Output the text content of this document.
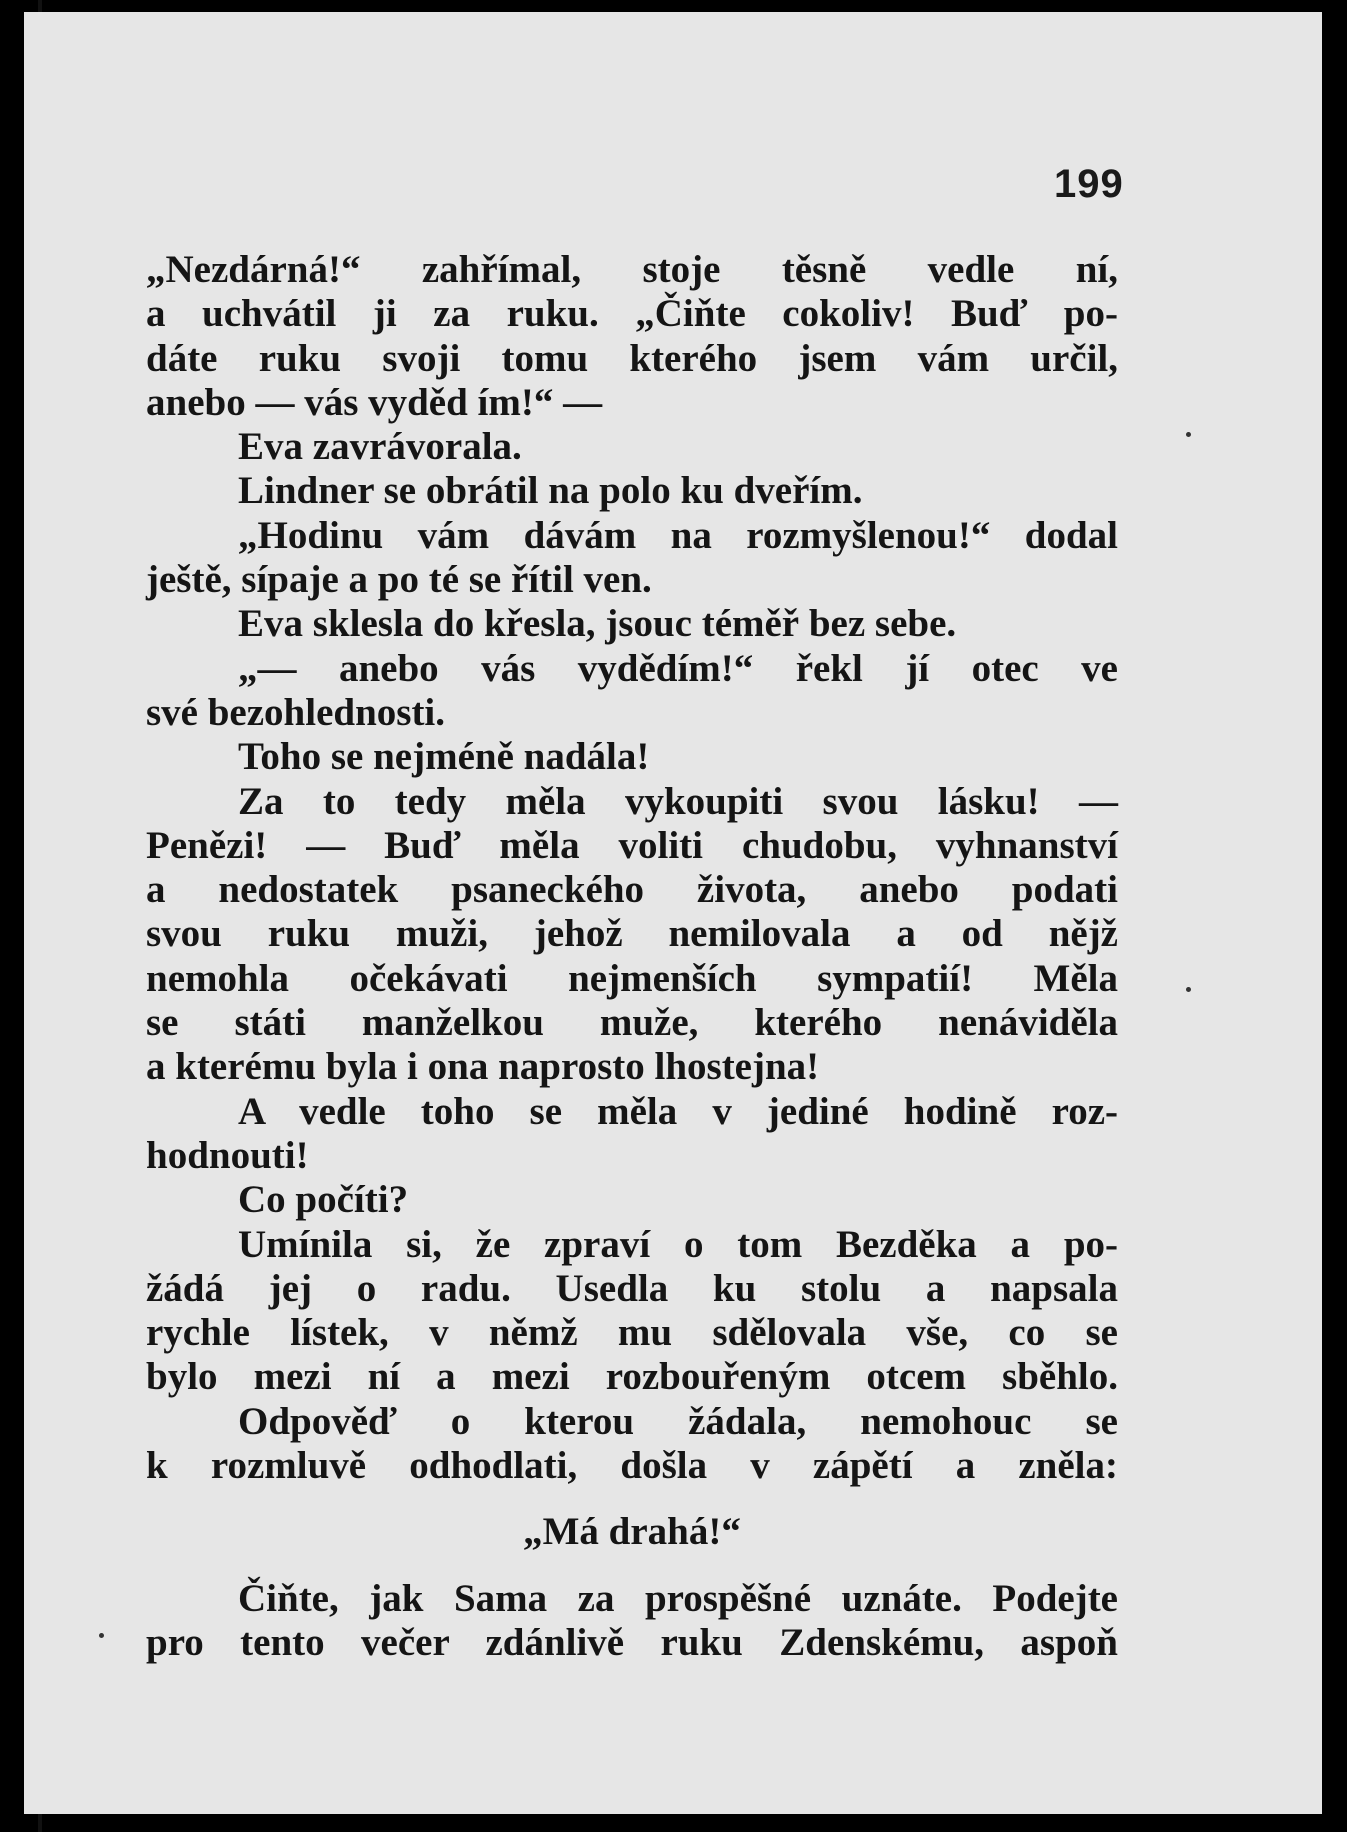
199
„Nezdárná!“ zahřímal, stoje těsně vedle ní,
a uchvátil ji za ruku. „Čiňte cokoliv! Buď po-
dáte ruku svoji tomu kterého jsem vám určil,
anebo — vás vyděd ím!“ —
Eva zavrávorala.
Lindner se obrátil na polo ku dveřím.
„Hodinu vám dávám na rozmyšlenou!“ dodal
ještě, sípaje a po té se řítil ven.
Eva sklesla do křesla, jsouc téměř bez sebe.
„— anebo vás vydědím!“ řekl jí otec ve
své bezohlednosti.
Toho se nejméně nadála!
Za to tedy měla vykoupiti svou lásku! —
Penězi! — Buď měla voliti chudobu, vyhnanství
a nedostatek psaneckého života, anebo podati
svou ruku muži, jehož nemilovala a od nějž
nemohla očekávati nejmenších sympatií! Měla
se státi manželkou muže, kterého nenáviděla
a kterému byla i ona naprosto lhostejna!
A vedle toho se měla v jediné hodině roz-
hodnouti!
Co počíti?
Umínila si, že zpraví o tom Bezděka a po-
žádá jej o radu. Usedla ku stolu a napsala
rychle lístek, v němž mu sdělovala vše, co se
bylo mezi ní a mezi rozbouřeným otcem sběhlo.
Odpověď o kterou žádala, nemohouc se
k rozmluvě odhodlati, došla v zápětí a zněla:
„Má drahá!“
Čiňte, jak Sama za prospěšné uznáte. Podejte
pro tento večer zdánlivě ruku Zdenskému, aspoň
